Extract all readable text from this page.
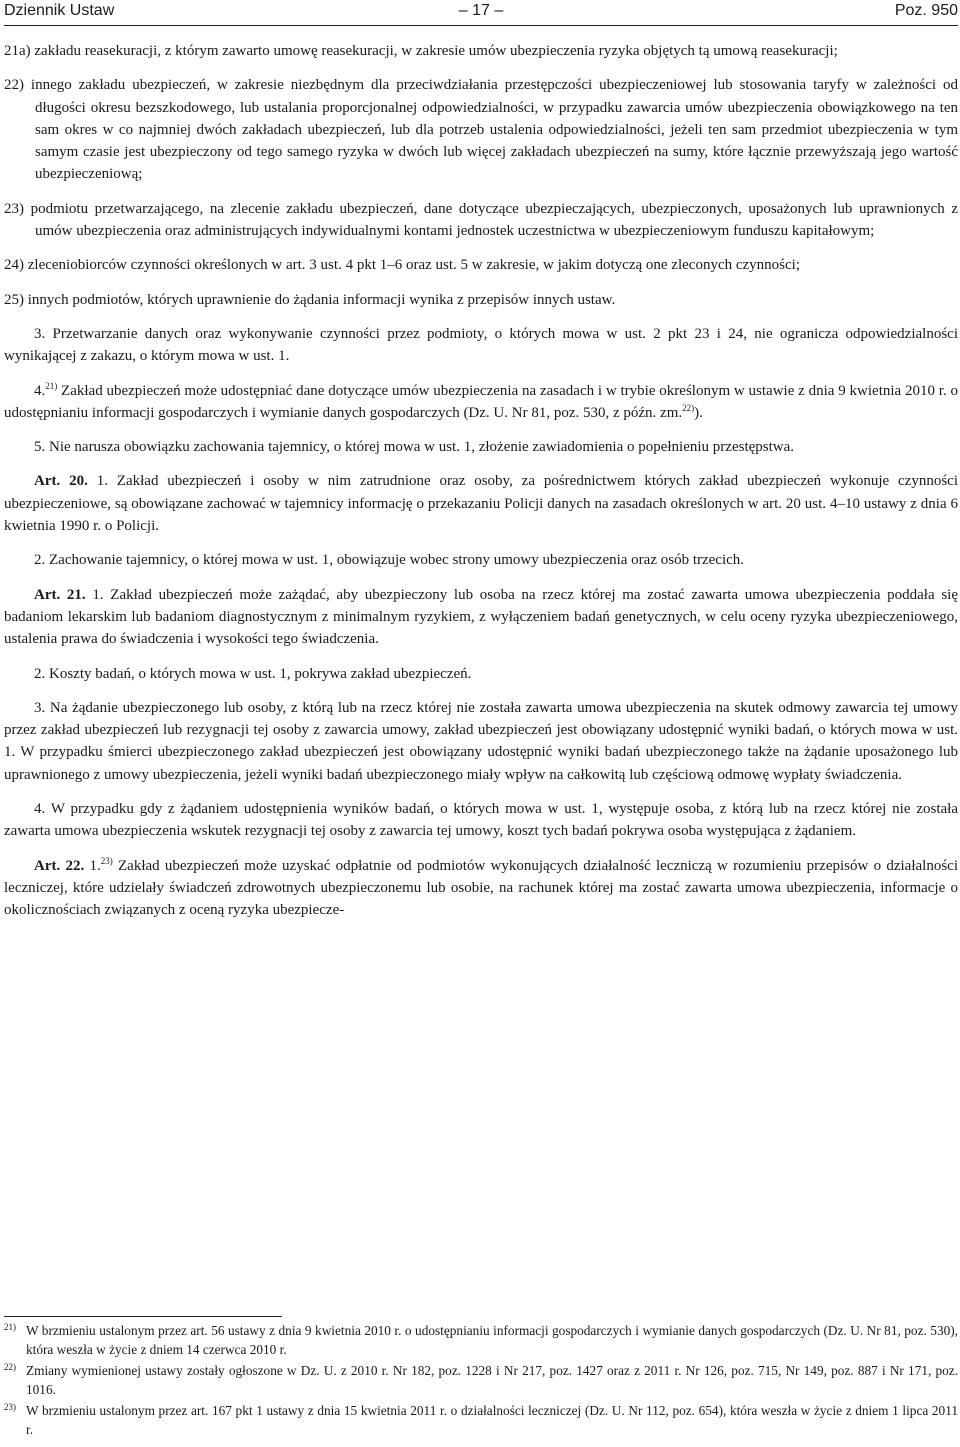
Dziennik Ustaw	– 17 –	Poz. 950

21a) zakładu reasekuracji, z którym zawarto umowę reasekuracji, w zakresie umów ubezpieczenia ryzyka objętych tą umową reasekuracji;

22) innego zakładu ubezpieczeń, w zakresie niezbędnym dla przeciwdziałania przestępczości ubezpieczeniowej lub stosowania taryfy w zależności od długości okresu bezszkodowego, lub ustalania proporcjonalnej odpowiedzialności, w przypadku zawarcia umów ubezpieczenia obowiązkowego na ten sam okres w co najmniej dwóch zakładach ubezpieczeń, lub dla potrzeb ustalenia odpowiedzialności, jeżeli ten sam przedmiot ubezpieczenia w tym samym czasie jest ubezpieczony od tego samego ryzyka w dwóch lub więcej zakładach ubezpieczeń na sumy, które łącznie przewyższają jego wartość ubezpieczeniową;

23) podmiotu przetwarzającego, na zlecenie zakładu ubezpieczeń, dane dotyczące ubezpieczających, ubezpieczonych, uposażonych lub uprawnionych z umów ubezpieczenia oraz administrujących indywidualnymi kontami jednostek uczestnictwa w ubezpieczeniowym funduszu kapitałowym;

24) zleceniobiorców czynności określonych w art. 3 ust. 4 pkt 1–6 oraz ust. 5 w zakresie, w jakim dotyczą one zleconych czynności;

25) innych podmiotów, których uprawnienie do żądania informacji wynika z przepisów innych ustaw.

3. Przetwarzanie danych oraz wykonywanie czynności przez podmioty, o których mowa w ust. 2 pkt 23 i 24, nie ogranicza odpowiedzialności wynikającej z zakazu, o którym mowa w ust. 1.

4.$^{21)}$ Zakład ubezpieczeń może udostępniać dane dotyczące umów ubezpieczenia na zasadach i w trybie określonym w ustawie z dnia 9 kwietnia 2010 r. o udostępnianiu informacji gospodarczych i wymianie danych gospodarczych (Dz. U. Nr 81, poz. 530, z późn. zm.$^{22)}$).

5. Nie narusza obowiązku zachowania tajemnicy, o której mowa w ust. 1, złożenie zawiadomienia o popełnieniu przestępstwa.

Art. 20. 1. Zakład ubezpieczeń i osoby w nim zatrudnione oraz osoby, za pośrednictwem których zakład ubezpieczeń wykonuje czynności ubezpieczeniowe, są obowiązane zachować w tajemnicy informację o przekazaniu Policji danych na zasadach określonych w art. 20 ust. 4–10 ustawy z dnia 6 kwietnia 1990 r. o Policji.

2. Zachowanie tajemnicy, o której mowa w ust. 1, obowiązuje wobec strony umowy ubezpieczenia oraz osób trzecich.

Art. 21. 1. Zakład ubezpieczeń może zażądać, aby ubezpieczony lub osoba na rzecz której ma zostać zawarta umowa ubezpieczenia poddała się badaniom lekarskim lub badaniom diagnostycznym z minimalnym ryzykiem, z wyłączeniem badań genetycznych, w celu oceny ryzyka ubezpieczeniowego, ustalenia prawa do świadczenia i wysokości tego świadczenia.

2. Koszty badań, o których mowa w ust. 1, pokrywa zakład ubezpieczeń.

3. Na żądanie ubezpieczonego lub osoby, z którą lub na rzecz której nie została zawarta umowa ubezpieczenia na skutek odmowy zawarcia tej umowy przez zakład ubezpieczeń lub rezygnacji tej osoby z zawarcia umowy, zakład ubezpieczeń jest obowiązany udostępnić wyniki badań, o których mowa w ust. 1. W przypadku śmierci ubezpieczonego zakład ubezpieczeń jest obowiązany udostępnić wyniki badań ubezpieczonego także na żądanie uposażonego lub uprawnionego z umowy ubezpieczenia, jeżeli wyniki badań ubezpieczonego miały wpływ na całkowitą lub częściową odmowę wypłaty świadczenia.

4. W przypadku gdy z żądaniem udostępnienia wyników badań, o których mowa w ust. 1, występuje osoba, z którą lub na rzecz której nie została zawarta umowa ubezpieczenia wskutek rezygnacji tej osoby z zawarcia tej umowy, koszt tych badań pokrywa osoba występująca z żądaniem.

Art. 22. 1.$^{23)}$ Zakład ubezpieczeń może uzyskać odpłatnie od podmiotów wykonujących działalność leczniczą w rozumieniu przepisów o działalności leczniczej, które udzielały świadczeń zdrowotnych ubezpieczonemu lub osobie, na rachunek której ma zostać zawarta umowa ubezpieczenia, informacje o okolicznościach związanych z oceną ryzyka ubezpiecze-

21) W brzmieniu ustalonym przez art. 56 ustawy z dnia 9 kwietnia 2010 r. o udostępnianiu informacji gospodarczych i wymianie danych gospodarczych (Dz. U. Nr 81, poz. 530), która weszła w życie z dniem 14 czerwca 2010 r.

22) Zmiany wymienionej ustawy zostały ogłoszone w Dz. U. z 2010 r. Nr 182, poz. 1228 i Nr 217, poz. 1427 oraz z 2011 r. Nr 126, poz. 715, Nr 149, poz. 887 i Nr 171, poz. 1016.

23) W brzmieniu ustalonym przez art. 167 pkt 1 ustawy z dnia 15 kwietnia 2011 r. o działalności leczniczej (Dz. U. Nr 112, poz. 654), która weszła w życie z dniem 1 lipca 2011 r.
